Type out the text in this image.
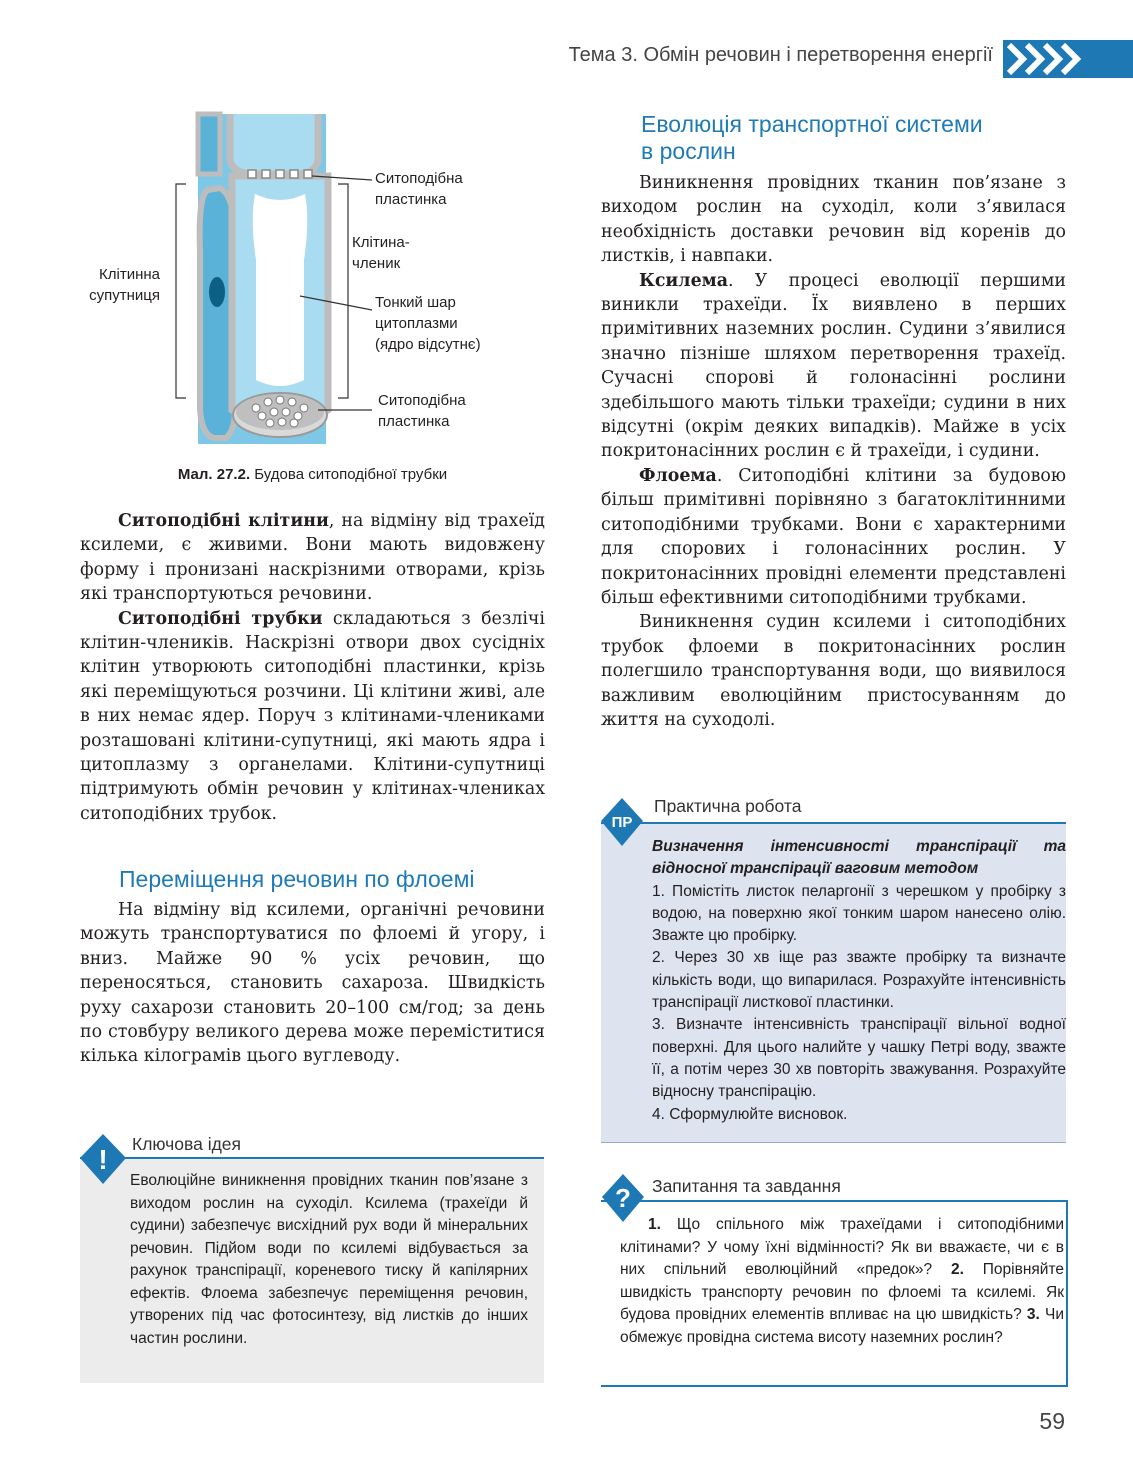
Тема 3. Обмін речовин і перетворення енергії
Ситоподібна
пластинка
Клітина-
членик
Клітинна
супутниця	Тонкий шар
цитоплазми
(ядро відсутнє)
Ситоподібна
пластинка
Мал. 27.2. Будова ситоподібної трубки

Ситоподібні клітини, на відміну від трахеїд ксилеми, є живими. Вони мають видовжену форму і пронизані наскрізними отворами, крізь які транспортуються речовини.

Ситоподібні трубки складаються з безлічі клітин-члеників. Наскрізні отвори двох сусідніх клітин утворюють ситоподібні пластинки, крізь які переміщуються розчини. Ці клітини живі, але в них немає ядер. Поруч з клітинами-члениками розташовані клітини-супутниці, які мають ядра і цитоплазму з органелами. Клітини-супутниці підтримують обмін речовин у клітинах-члениках ситоподібних трубок.

Переміщення речовин по флоемі

На відміну від ксилеми, органічні речовини можуть транспортуватися по флоемі й угору, і вниз. Майже 90 % усіх речовин, що переносяться, становить сахароза. Швидкість руху сахарози становить 20–100 см/год; за день по стовбуру великого дерева може переміститися кілька кілограмів цього вуглеводу.

! Ключова ідея

Еволюційне виникнення провідних тканин пов’язане з виходом рослин на суходіл. Ксилема (трахеїди й судини) забезпечує висхідний рух води й мінеральних речовин. Підйом води по ксилемі відбувається за рахунок транспірації, кореневого тиску й капілярних ефектів. Флоема забезпечує переміщення речовин, утворених під час фотосинтезу, від листків до інших частин рослини.

Еволюція транспортної системи
в рослин

Виникнення провідних тканин пов’язане з виходом рослин на суходіл, коли з’явилася необхідність доставки речовин від коренів до листків, і навпаки.

Ксилема. У процесі еволюції першими виникли трахеїди. Їх виявлено в перших примітивних наземних рослин. Судини з’явилися значно пізніше шляхом перетворення трахеїд. Сучасні спорові й голонасінні рослини здебільшого мають тільки трахеїди; судини в них відсутні (окрім деяких випадків). Майже в усіх покритонасінних рослин є й трахеїди, і судини.

Флоема. Ситоподібні клітини за будовою більш примітивні порівняно з багатоклітинними ситоподібними трубками. Вони є характерними для спорових і голонасінних рослин. У покритонасінних провідні елементи представлені більш ефективними ситоподібними трубками.

Виникнення судин ксилеми і ситоподібних трубок флоеми в покритонасінних рослин полегшило транспортування води, що виявилося важливим еволюційним пристосуванням до життя на суходолі.

ПР
Практична робота

Визначення інтенсивності транспірації та відносної транспірації ваговим методом

1. Помістіть листок пеларгонії з черешком у пробірку з водою, на поверхню якої тонким шаром нанесено олію. Зважте цю пробірку.

2. Через 30 хв іще раз зважте пробірку та визначте кількість води, що випарилася. Розрахуйте інтенсивність транспірації листкової пластинки.

3. Визначте інтенсивність транспірації вільної водної поверхні. Для цього налийте у чашку Петрі воду, зважте її, а потім через 30 хв повторіть зважування. Розрахуйте відносну транспірацію.

4. Сформулюйте висновок.

? Запитання та завдання

1. Що спільного між трахеїдами і ситоподібними клітинами? У чому їхні відмінності? Як ви вважаєте, чи є в них спільний еволюційний «предок»? 2. Порівняйте швидкість транспорту речовин по флоемі та ксилемі. Як будова провідних елементів впливає на цю швидкість? 3. Чи обмежує провідна система висоту наземних рослин?

59
